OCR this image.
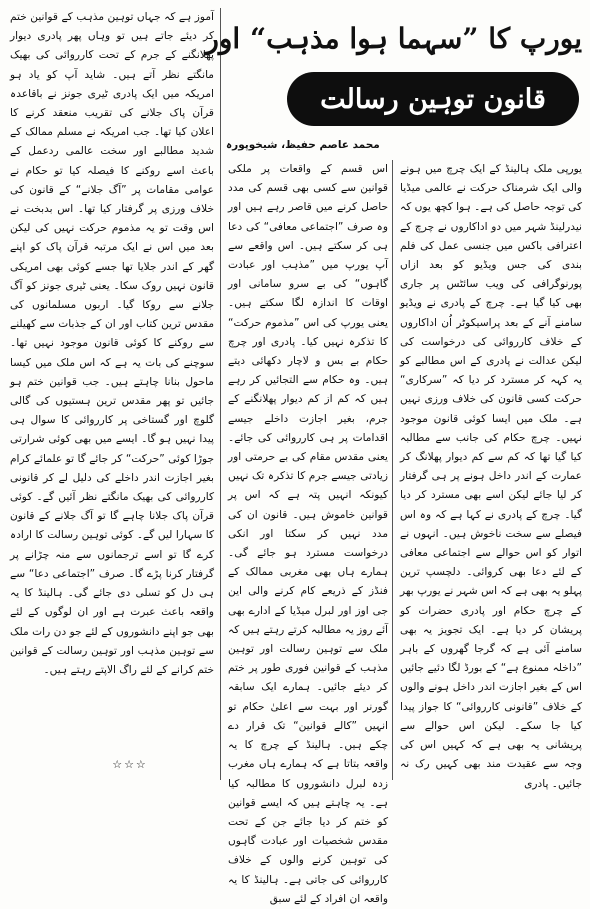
یورپ کا ”سہما ہوا مذہب“ اور
قانون توہین رسالت
محمد عاصم حفیظ، شیخوپورہ

یورپی ملک ہالینڈ کے ایک چرچ میں ہونے والی ایک شرمناک حرکت نے عالمی میڈیا کی توجہ حاصل کی ہے۔ ہوا کچھ یوں کہ نیدرلینڈ شہر میں دو اداکاروں نے چرچ کے اعترافی باکس میں جنسی عمل کی فلم بندی کی جس ویڈیو کو بعد ازاں پورنوگرافی کی ویب سائٹس پر جاری بھی کیا گیا ہے۔ چرچ کے پادری نے ویڈیو سامنے آنے کے بعد پراسیکوٹر اُن اداکاروں کے خلاف کارروائی کی درخواست کی لیکن عدالت نے پادری کے اس مطالبے کو یہ کہہ کر مسترد کر دیا کہ ”سرکاری“ حرکت کسی قانون کی خلاف ورزی نہیں ہے۔ ملک میں ایسا کوئی قانون موجود نہیں۔ چرچ حکام کی جانب سے مطالبہ کیا گیا تھا کہ کم سے کم دیوار پھلانگ کر عمارت کے اندر داخل ہونے پر ہی گرفتار کر لیا جائے لیکن اسے بھی مسترد کر دیا گیا۔ چرچ کے پادری نے کہا ہے کہ وہ اس فیصلے سے سخت ناخوش ہیں۔ انہوں نے اتوار کو اس حوالے سے اجتماعی معافی کے لئے دعا بھی کروائی۔ دلچسپ ترین پہلو یہ بھی ہے کہ اس شہر نے یورپ بھر کے چرچ حکام اور پادری حضرات کو پریشان کر دیا ہے۔ ایک تجویز یہ بھی سامنے آئی ہے کہ گرجا گھروں کے باہر ”داخلہ ممنوع ہے“ کے بورڈ لگا دئیے جائیں اس کے بغیر اجازت اندر داخل ہونے والوں کے خلاف ”قانونی کارروائی“ کا جواز پیدا کیا جا سکے۔ لیکن اس حوالے سے پریشانی یہ بھی ہے کہ کہیں اس کی وجہ سے عقیدت مند بھی کہیں رک نہ جائیں۔ پادری

اس قسم کے واقعات پر ملکی قوانین سے کسی بھی قسم کی مدد حاصل کرنے میں قاصر رہے ہیں اور وہ صرف ”اجتماعی معافی“ کی دعا ہی کر سکتے ہیں۔ اس واقعے سے آپ یورپ میں ”مذہب اور عبادت گاہوں“ کی بے سرو سامانی اور اوقات کا اندازہ لگا سکتے ہیں۔ یعنی یورپ کی اس ”مذموم حرکت“ کا تذکرہ نہیں کیا۔ پادری اور چرچ حکام بے بس و لاچار دکھائی دیتے ہیں۔ وہ حکام سے التجائیں کر رہے ہیں کہ کم از کم دیوار پھلانگنے کے جرم، بغیر اجازت داخلے جیسے اقدامات پر ہی کارروائی کی جائے۔ یعنی مقدس مقام کی بے حرمتی اور زیادتی جیسے جرم کا تذکرہ تک نہیں کیونکہ انہیں پتہ ہے کہ اس پر قوانین خاموش ہیں۔ قانون ان کی مدد نہیں کر سکتا اور انکی درخواست مسترد ہو جائے گی۔ ہمارے ہاں بھی مغربی ممالک کے فنڈز کے ذریعے کام کرنے والی این جی اوز اور لبرل میڈیا کے ادارے بھی آئے روز یہ مطالبہ کرتے رہتے ہیں کہ ملک سے توہین رسالت اور توہین مذہب کے قوانین فوری طور پر ختم کر دیئے جائیں۔ ہمارے ایک سابقہ گورنر اور بہت سے اعلیٰ حکام تو انہیں ”کالے قوانین“ تک قرار دے چکے ہیں۔ ہالینڈ کے چرچ کا یہ واقعہ بتاتا ہے کہ ہمارے ہاں مغرب زدہ لبرل دانشوروں کا مطالبہ کیا ہے۔ یہ چاہتے ہیں کہ ایسے قوانین کو ختم کر دیا جائے جن کے تحت مقدس شخصیات اور عبادت گاہوں کی توہین کرنے والوں کے خلاف کارروائی کی جاتی ہے۔ ہالینڈ کا یہ واقعہ ان افراد کے لئے سبق

آموز ہے کہ جہاں توہین مذہب کے قوانین ختم کر دیئے جاتے ہیں تو وہاں پھر پادری دیوار پھلانگنے کے جرم کے تحت کارروائی کی بھیک مانگتے نظر آتے ہیں۔ شاید آپ کو یاد ہو امریکہ میں ایک پادری ٹیری جونز نے باقاعدہ قرآن پاک جلانے کی تقریب منعقد کرنے کا اعلان کیا تھا۔ جب امریکہ نے مسلم ممالک کے شدید مطالبے اور سخت عالمی ردعمل کے باعث اسے روکنے کا فیصلہ کیا تو حکام نے عوامی مقامات پر ”آگ جلانے“ کے قانون کی خلاف ورزی پر گرفتار کیا تھا۔ اس بدبخت نے اس وقت تو یہ مذموم حرکت نہیں کی لیکن بعد میں اس نے ایک مرتبہ قرآن پاک کو اپنے گھر کے اندر جلایا تھا جسے کوئی بھی امریکی قانون نہیں روک سکا۔ یعنی ٹیری جونز کو آگ جلانے سے روکا گیا۔ اربوں مسلمانوں کی مقدس ترین کتاب اور ان کے جذبات سے کھیلنے سے روکنے کا کوئی قانون موجود نہیں تھا۔ سوچنے کی بات یہ ہے کہ اس ملک میں کیسا ماحول بنانا چاہتے ہیں۔ جب قوانین ختم ہو جائیں تو پھر مقدس ترین ہستیوں کی گالی گلوچ اور گستاخی پر کارروائی کا سوال ہی پیدا نہیں ہو گا۔ ایسے میں بھی کوئی شرارتی جوڑا کوئی ”حرکت“ کر جائے گا تو علمائے کرام بغیر اجازت اندر داخلے کی دلیل لے کر قانونی کارروائی کی بھیک مانگتے نظر آئیں گے۔ کوئی قرآن پاک جلانا چاہے گا تو آگ جلانے کے قانون کا سہارا لیں گے۔ کوئی توہین رسالت کا ارادہ کرے گا تو اسے ترجمانوں سے منہ چڑانے پر گرفتار کرنا پڑے گا۔ صرف ”اجتماعی دعا“ سے ہی دل کو تسلی دی جائے گی۔ ہالینڈ کا یہ واقعہ باعث عبرت ہے اور ان لوگوں کے لئے بھی جو اپنے دانشوروں کے لئے جو دن رات ملک سے توہین مذہب اور توہین رسالت کے قوانین ختم کرانے کے لئے راگ الاپتے رہتے ہیں۔

☆☆☆
